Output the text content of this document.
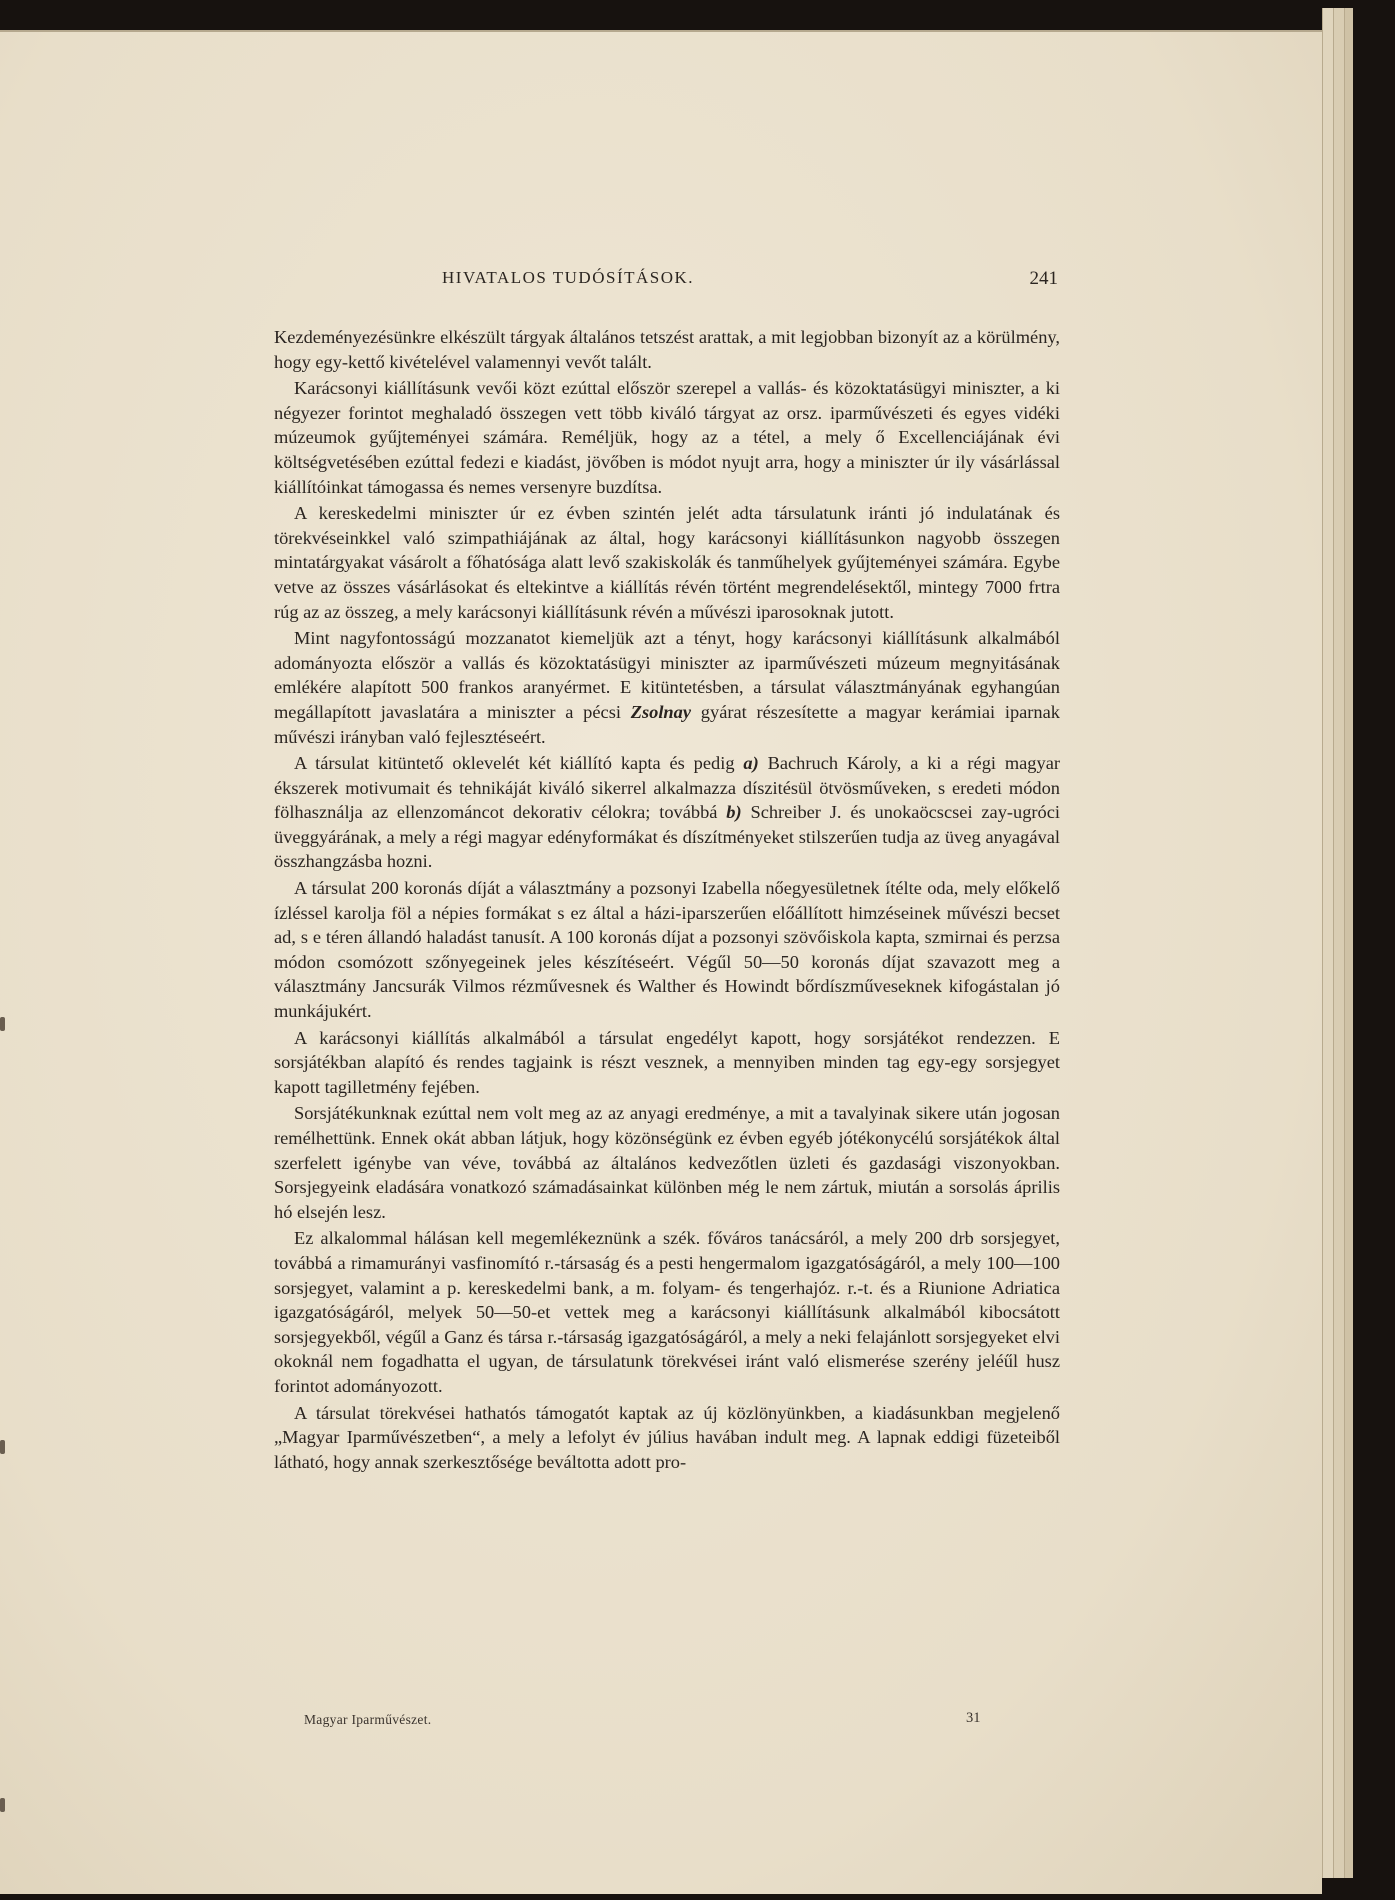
HIVATALOS TUDÓSÍTÁSOK.	241

Kezdeményezésünkre elkészült tárgyak általános tetszést arattak, a mit legjobban bizonyít az a körülmény, hogy egy-kettő kivételével valamennyi vevőt talált.

Karácsonyi kiállításunk vevői közt ezúttal először szerepel a vallás- és közoktatásügyi miniszter, a ki négyezer forintot meghaladó összegen vett több kiváló tárgyat az orsz. iparművészeti és egyes vidéki múzeumok gyűjteményei számára. Reméljük, hogy az a tétel, a mely ő Excellenciájának évi költségvetésében ezúttal fedezi e kiadást, jövőben is módot nyujt arra, hogy a miniszter úr ily vásárlással kiállítóinkat támogassa és nemes versenyre buzdítsa.

A kereskedelmi miniszter úr ez évben szintén jelét adta társulatunk iránti jó indulatának és törekvéseinkkel való szimpathiájának az által, hogy karácsonyi kiállításunkon nagyobb összegen mintatárgyakat vásárolt a főhatósága alatt levő szakiskolák és tanműhelyek gyűjteményei számára. Egybe vetve az összes vásárlásokat és eltekintve a kiállítás révén történt megrendelésektől, mintegy 7000 frtra rúg az az összeg, a mely karácsonyi kiállításunk révén a művészi iparosoknak jutott.

Mint nagyfontosságú mozzanatot kiemeljük azt a tényt, hogy karácsonyi kiállításunk alkalmából adományozta először a vallás és közoktatásügyi miniszter az iparművészeti múzeum megnyitásának emlékére alapított 500 frankos aranyérmet. E kitüntetésben, a társulat választmányának egyhangúan megállapított javaslatára a miniszter a pécsi Zsolnay gyárat részesítette a magyar kerámiai iparnak művészi irányban való fejlesztéseért.

A társulat kitüntető oklevelét két kiállító kapta és pedig a) Bachruch Károly, a ki a régi magyar ékszerek motivumait és tehnikáját kiváló sikerrel alkalmazza díszitésül ötvösműveken, s eredeti módon fölhasználja az ellenzománcot dekorativ célokra; továbbá b) Schreiber J. és unokaöcscsei zay-ugróci üveggyárának, a mely a régi magyar edényformákat és díszítményeket stilszerűen tudja az üveg anyagával összhangzásba hozni.

A társulat 200 koronás díját a választmány a pozsonyi Izabella nőegyesületnek ítélte oda, mely előkelő ízléssel karolja föl a népies formákat s ez által a házi-iparszerűen előállított himzéseinek művészi becset ad, s e téren állandó haladást tanusít. A 100 koronás díjat a pozsonyi szövőiskola kapta, szmirnai és perzsa módon csomózott szőnyegeinek jeles készítéseért. Végűl 50—50 koronás díjat szavazott meg a választmány Jancsurák Vilmos rézművesnek és Walther és Howindt bőrdíszműveseknek kifogástalan jó munkájukért.

A karácsonyi kiállítás alkalmából a társulat engedélyt kapott, hogy sorsjátékot rendezzen. E sorsjátékban alapító és rendes tagjaink is részt vesznek, a mennyiben minden tag egy-egy sorsjegyet kapott tagilletmény fejében.

Sorsjátékunknak ezúttal nem volt meg az az anyagi eredménye, a mit a tavalyinak sikere után jogosan remélhettünk. Ennek okát abban látjuk, hogy közönségünk ez évben egyéb jótékonycélú sorsjátékok által szerfelett igénybe van véve, továbbá az általános kedvezőtlen üzleti és gazdasági viszonyokban. Sorsjegyeink eladására vonatkozó számadásainkat különben még le nem zártuk, miután a sorsolás április hó elsején lesz.

Ez alkalommal hálásan kell megemlékeznünk a szék. főváros tanácsáról, a mely 200 drb sorsjegyet, továbbá a rimamurányi vasfinomító r.-társaság és a pesti hengermalom igazgatóságáról, a mely 100—100 sorsjegyet, valamint a p. kereskedelmi bank, a m. folyam- és tengerhajóz. r.-t. és a Riunione Adriatica igazgatóságáról, melyek 50—50-et vettek meg a karácsonyi kiállításunk alkalmából kibocsátott sorsjegyekből, végűl a Ganz és társa r.-társaság igazgatóságáról, a mely a neki felajánlott sorsjegyeket elvi okoknál nem fogadhatta el ugyan, de társulatunk törekvései iránt való elismerése szerény jeléűl husz forintot adományozott.

A társulat törekvései hathatós támogatót kaptak az új közlönyünkben, a kiadásunkban megjelenő „Magyar Iparművészetben“, a mely a lefolyt év július havában indult meg. A lapnak eddigi füzeteiből látható, hogy annak szerkesztősége beváltotta adott pro-

Magyar Iparművészet.	31
